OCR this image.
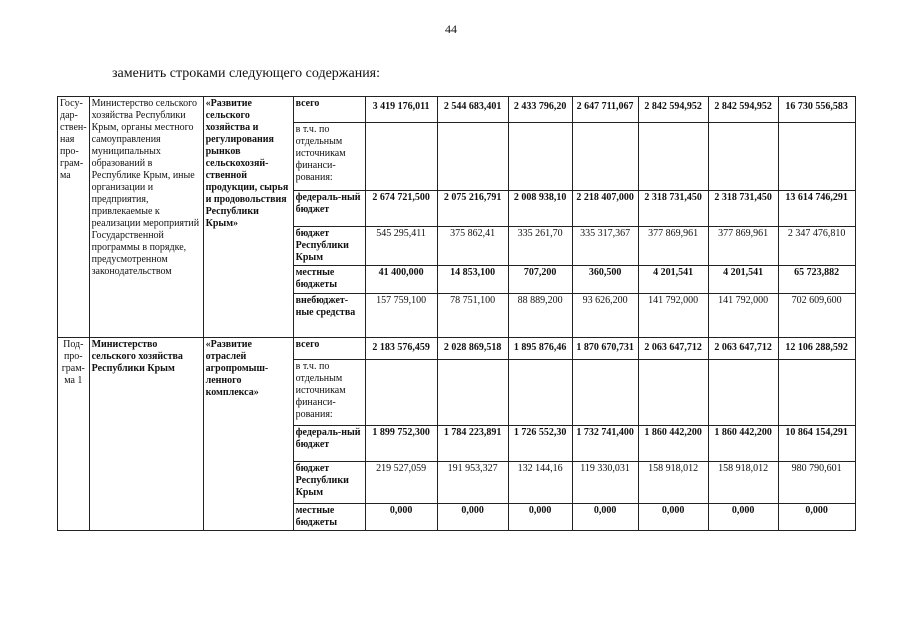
44
заменить строками следующего содержания:
Госу-дар-ствен-ная про-грам-ма	Министерство сельского хозяйства Республики Крым, органы местного самоуправления муниципальных образований в Республике Крым, иные организации и предприятия, привлекаемые к реализации мероприятий Государственной программы в порядке, предусмотренном законодательством	«Развитие сельского хозяйства и регулирования рынков сельскохозяй-ственной продукции, сырья и продовольствия Республики Крым»	всего	3 419 176,011	2 544 683,401	2 433 796,20	2 647 711,067	2 842 594,952	2 842 594,952	16 730 556,583
			в т.ч. по отдельным источникам финанси-рования:							
			федераль-ный бюджет	2 674 721,500	2 075 216,791	2 008 938,10	2 218 407,000	2 318 731,450	2 318 731,450	13 614 746,291
			бюджет Республики Крым	545 295,411	375 862,41	335 261,70	335 317,367	377 869,961	377 869,961	2 347 476,810
			местные бюджеты	41 400,000	14 853,100	707,200	360,500	4 201,541	4 201,541	65 723,882
			внебюджет-ные средства	157 759,100	78 751,100	88 889,200	93 626,200	141 792,000	141 792,000	702 609,600
Под-про-грам-ма 1	Министерство сельского хозяйства Республики Крым	«Развитие отраслей агропромыш-ленного комплекса»	всего	2 183 576,459	2 028 869,518	1 895 876,46	1 870 670,731	2 063 647,712	2 063 647,712	12 106 288,592
			в т.ч. по отдельным источникам финанси-рования:							
			федераль-ный бюджет	1 899 752,300	1 784 223,891	1 726 552,30	1 732 741,400	1 860 442,200	1 860 442,200	10 864 154,291
			бюджет Республики Крым	219 527,059	191 953,327	132 144,16	119 330,031	158 918,012	158 918,012	980 790,601
			местные бюджеты	0,000	0,000	0,000	0,000	0,000	0,000	0,000
